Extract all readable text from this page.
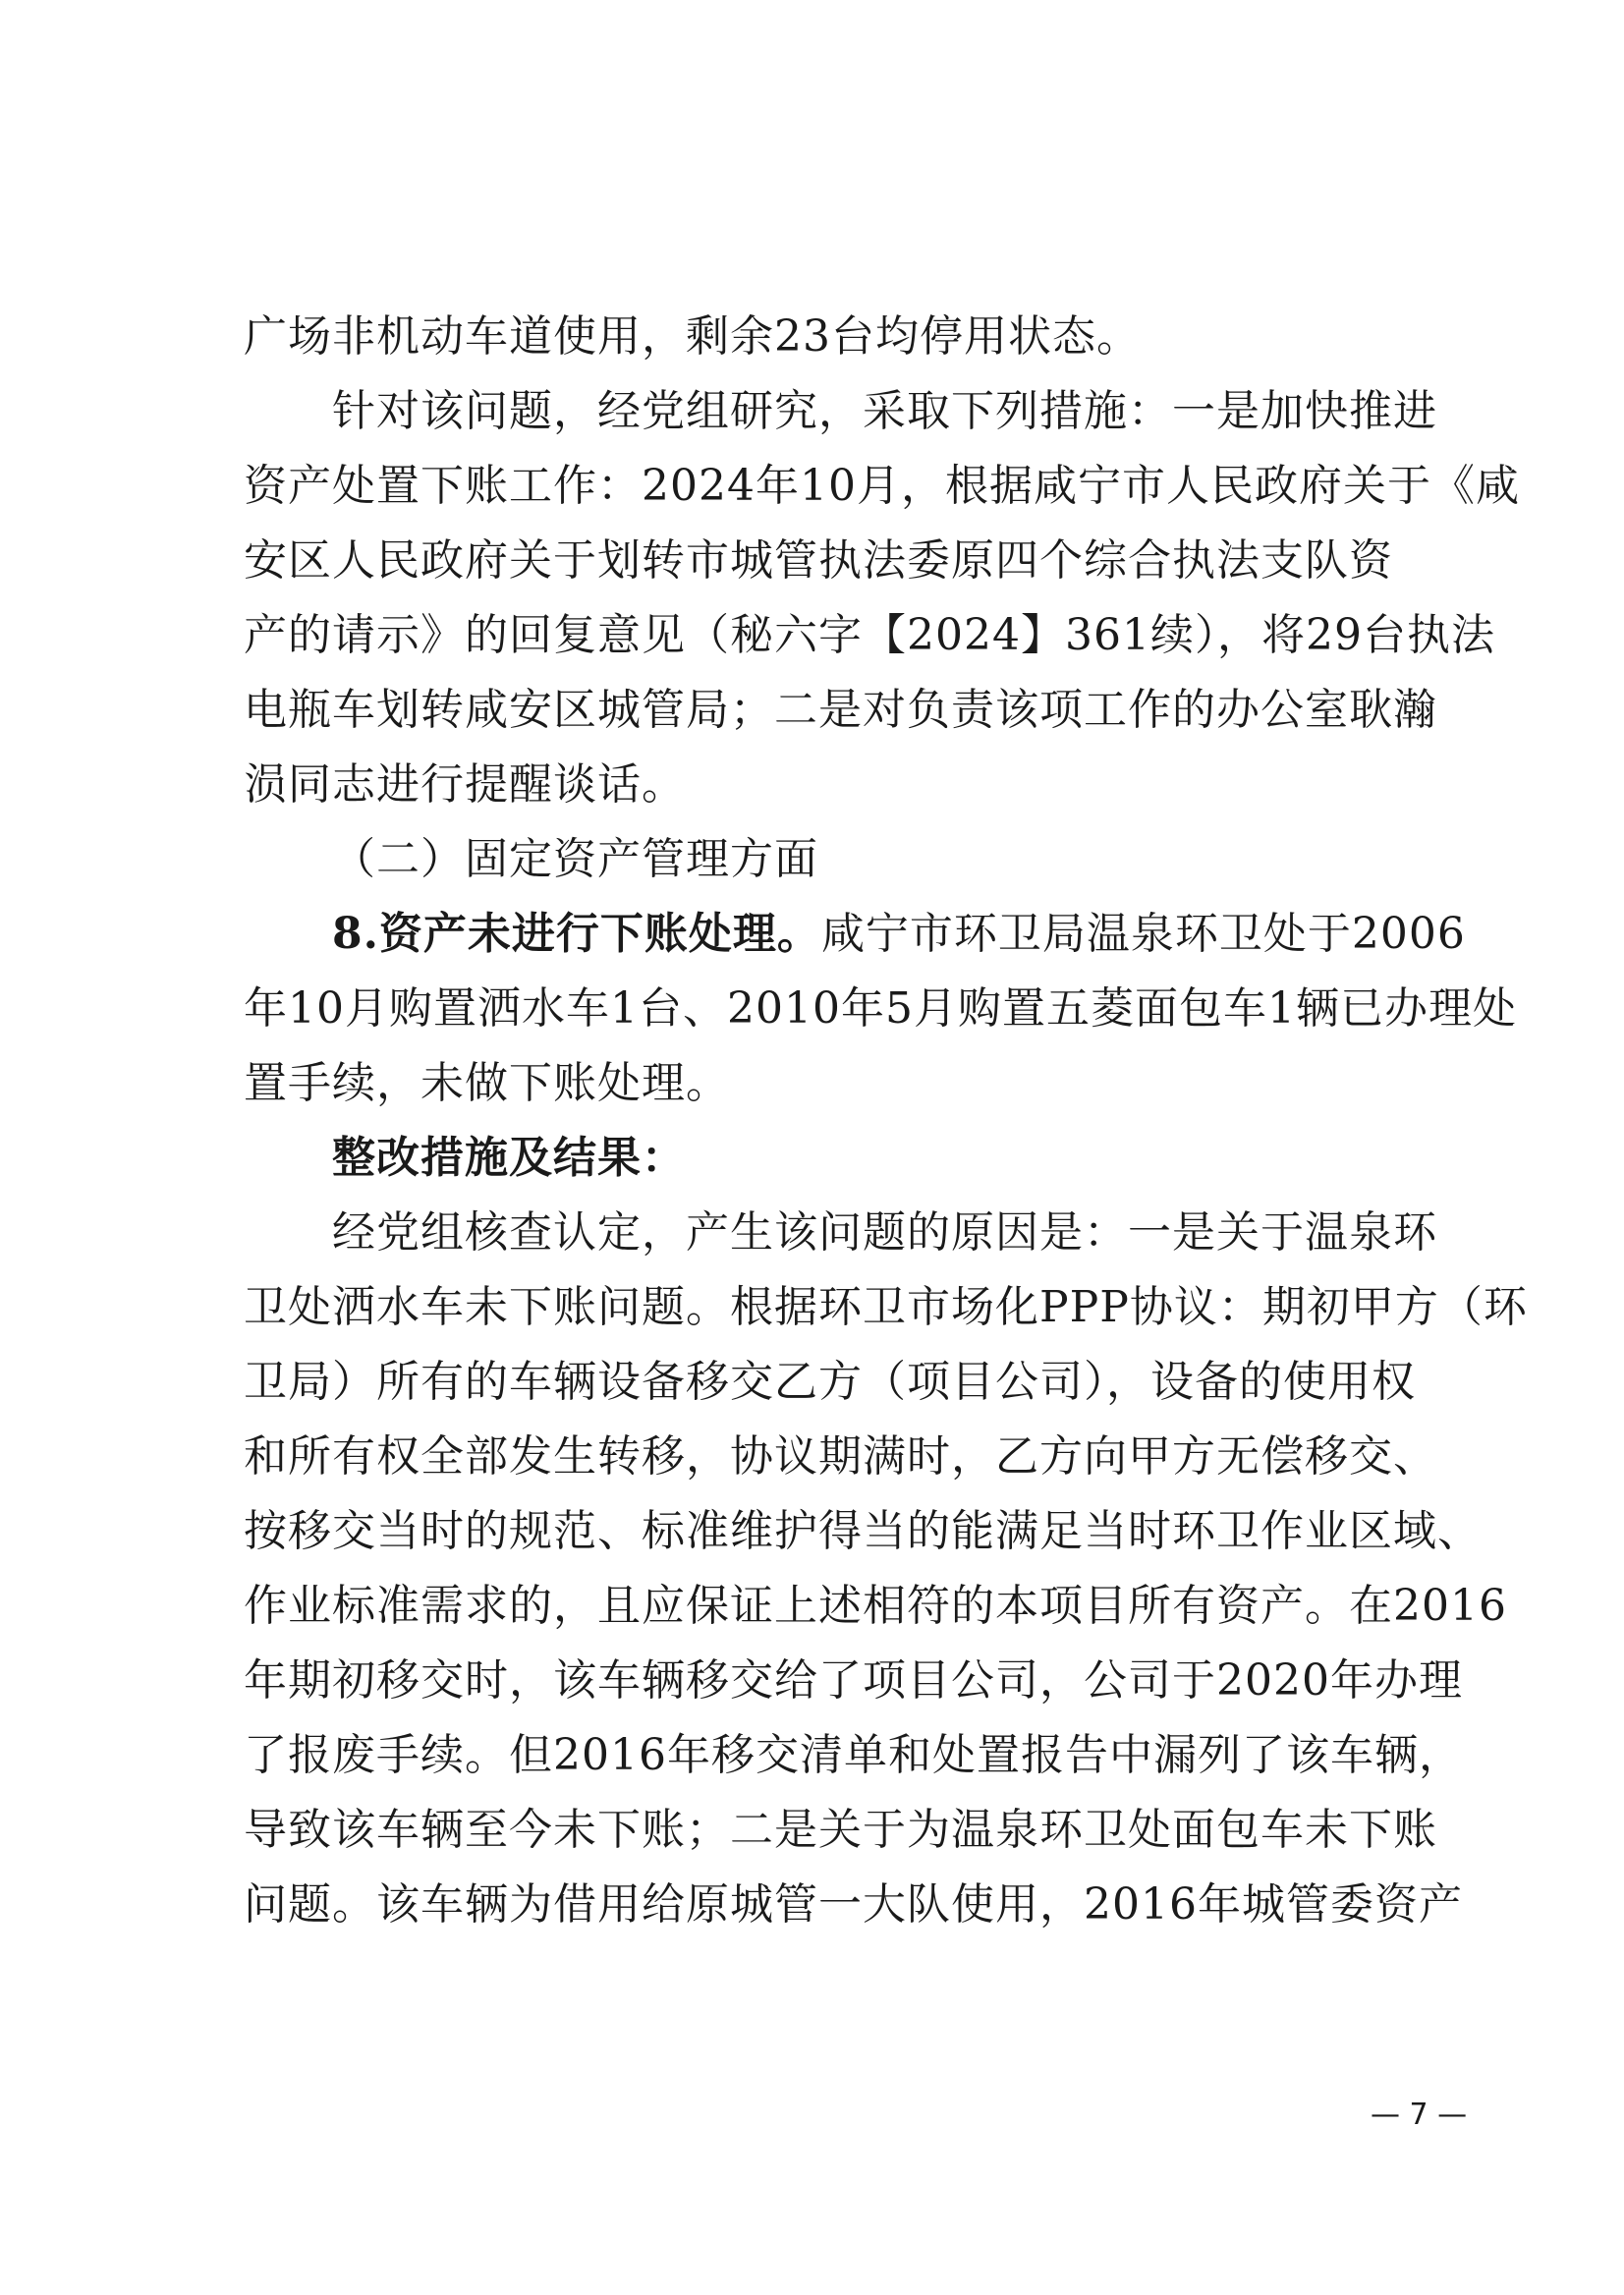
广场非机动车道使用，剩余23台均停用状态。
针对该问题，经党组研究，采取下列措施：一是加快推进
资产处置下账工作：2024年10月，根据咸宁市人民政府关于《咸
安区人民政府关于划转市城管执法委原四个综合执法支队资
产的请示》的回复意见（秘六字【2024】361续），将29台执法
电瓶车划转咸安区城管局；二是对负责该项工作的办公室耿瀚
涢同志进行提醒谈话。
（二）固定资产管理方面
8.资产未进行下账处理。咸宁市环卫局温泉环卫处于2006
年10月购置洒水车1台、2010年5月购置五菱面包车1辆已办理处
置手续，未做下账处理。
整改措施及结果：
经党组核查认定，产生该问题的原因是：一是关于温泉环
卫处洒水车未下账问题。根据环卫市场化PPP协议：期初甲方（环
卫局）所有的车辆设备移交乙方（项目公司），设备的使用权
和所有权全部发生转移，协议期满时，乙方向甲方无偿移交、
按移交当时的规范、标准维护得当的能满足当时环卫作业区域、
作业标准需求的，且应保证上述相符的本项目所有资产。在2016
年期初移交时，该车辆移交给了项目公司，公司于2020年办理
了报废手续。但2016年移交清单和处置报告中漏列了该车辆，
导致该车辆至今未下账；二是关于为温泉环卫处面包车未下账
问题。该车辆为借用给原城管一大队使用，2016年城管委资产
— 7 —
